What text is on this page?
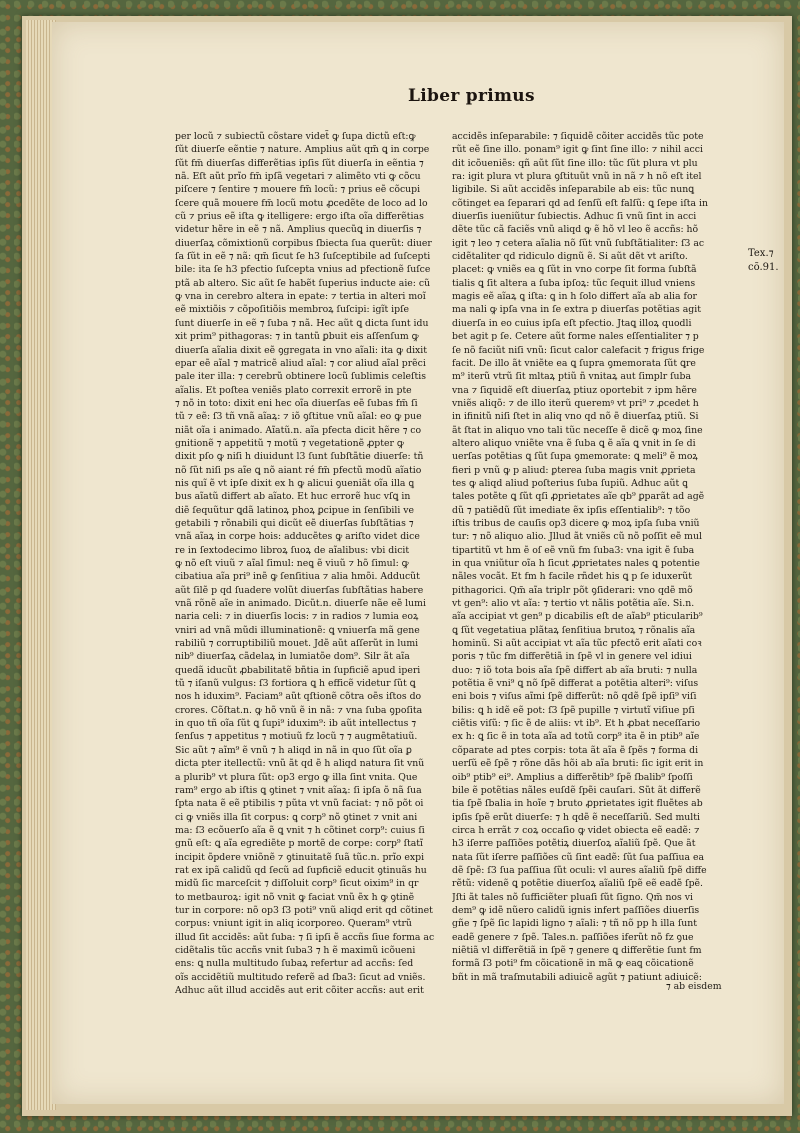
Liber primus

per locũ ⁊ subiectũ cõstare videt̃ ꝙ ſupa dictũ eſt:ꝙ

ſũt diuerſe eẽntie ⁊ nature. Amplius aũt qm̃ ꝗ in corpe

ſũt fm̃ diuerſas differẽtias ipſis ſũt diuerſa in eẽntia ⁊

nã. Eſt aũt prĩo fm̃ ipſã vegetari ⁊ alimẽto vti ꝙ cõcu

piſcere ⁊ ſentire ⁊ mouere fm̃ locũ: ⁊ prius eẽ cõcupi

ſcere quã mouere fm̃ locũ motu ꝓcedẽte de loco ad lo

cũ ⁊ prius eẽ iſta ꝙ itelligere: ergo iſta oĩa differẽtias

videtur hẽre in eẽ ⁊ nã. Amplius quecũꝗ in diuerſis ⁊

diuerſaꝝ cõmixtionũ corpibus ſbiecta ſua querũt: diuer

ſa ſũt in eẽ ⁊ nã: qm̃ ſicut ſe h3 ſuſceptibile ad ſuſcepti

bile: ita ſe h3 pfectio ſuſcepta vnius ad pfectionẽ ſuſce

ptã ab altero. Sic aũt ſe habẽt ſuperius inducte aie: cũ

ꝙ vna in cerebro altera in epate: ⁊ tertia in alteri moĩ

eẽ mixtiõis ⁊ cõpoſitiõis membroꝝ ſuſcipi: igĩt ipſe

ſunt diuerſe in eẽ ⁊ ſuba ⁊ nã. Hec aũt ꝗ dicta ſunt idu

xit prim⁹ pithagoras: ⁊ in tantũ ꝑbuit eis aſſenſum ꝙ

diuerſa aĩalia dixit eẽ ꝯgregata in vno aĩali: ita ꝙ dixit

epar eẽ aĩal ⁊ matricẽ aliud aĩal: ⁊ cor aliud aĩal prẽci

pale iter illa: ⁊ cerebrũ obtinere locũ ſublimis celeſtis

aĩalis. Et poſtea veniẽs plato correxit errorẽ in pte

⁊ nõ in toto: dixit eni hec oĩa diuerſas eẽ ſubas fm̃ ſi

tũ ⁊ eẽ: ſ3 tñ vnã aĩaꝝ: ⁊ iõ ꝯſtitue vnũ aĩal: eo ꝙ pue

niãt oĩa i animado. Aĩatũ.n. aĩa pfecta dicit hẽre ⁊ co

gnitionẽ ⁊ appetitũ ⁊ motũ ⁊ vegetationẽ ꝓpter ꝙ

dixit pſo ꝙ niſi h diuidunt l3 ſunt ſubſtãtie diuerſe: tñ

nõ ſũt niſi ps aĩe ꝗ nõ aiant ré fm̃ pfectũ modũ aĩatio

nis quĩ ẽ vt ipſe dixit ex h ꝙ alicui ꝯueniãt oĩa illa ꝗ

bus aĩatũ differt ab aĩato. Et huc errorẽ huc vſꝗ in

diẽ ſequũtur ꝗdã latinoꝝ phoꝝ ꝑcipue in ſenſibili ve

getabili ⁊ rõnabili qui dicũt eẽ diuerſas ſubſtãtias ⁊

vnã aĩaꝝ in corpe hois: adducẽtes ꝙ ariſto videt dice

re in ſextodecimo libroꝝ ſuoꝝ de aĩalibus: vbi dicit

ꝙ nõ eſt viuũ ⁊ aĩal ſimul: neꝗ ẽ viuũ ⁊ hõ ſimul: ꝙ

cibatiua aĩa pri⁹ inẽ ꝙ ſenſitiua ⁊ alia hmõi. Adducũt

aũt ſilẽ p qd ſuadere volũt diuerſas ſubſtãtias habere

vnã rõnẽ aĩe in animado. Dicũt.n. diuerſe nãe eẽ lumi

naria celi: ⁊ in diuerſis locis: ⁊ in radios ⁊ lumia eoꝝ

vniri ad vnã mũdi illuminationẽ: ꝗ vniuerſa mã gene

rabiliũ ⁊ corruptibiliũ mouet. Jdẽ aũt aſſerũt in lumi

nib⁹ diuerſaꝝ cãdelaꝝ in lumiatõe dom⁹. Silr ãt aĩa

quedã iducũt ꝓbabilitatẽ bñtia in ſupficiẽ apud iperi

tũ ⁊ iſanũ vulgus: ſ3 fortiora ꝗ h efficẽ videtur ſũt ꝗ

nos h iduxim⁹. Faciam⁹ aũt qſtionẽ cõtra oẽs iſtos do

crores. Cõſtat.n. ꝙ hõ vnũ ẽ in nã: ⁊ vna ſuba ꝯpoſita

in quo tñ oĩa ſũt ꝗ ſupi⁹ iduxim⁹: ib aũt intellectus ⁊

ſenſus ⁊ appetitus ⁊ motiuũ fz locũ ⁊ ⁊ augmẽtatiuũ.

Sic aũt ⁊ aĩm⁹ ẽ vnũ ⁊ h aliqd in nã in quo ſũt oĩa ꝑ

dicta pter itellectũ: vnũ ãt qd ẽ h aliqd natura ſit vnũ

a plurib⁹ vt plura ſũt: op3 ergo ꝙ illa ſint vnita. Que

ram⁹ ergo ab iſtis ꝗ ꝯtinet ⁊ vnit aĩaꝝ: ſi ipſa õ nã ſua

ſpta nata ẽ eẽ ptibilis ⁊ pũta vt vnũ faciat: ⁊ nõ põt oi

ci ꝙ vniẽs illa ſit corpus: ꝗ corp⁹ nõ ꝯtinet ⁊ vnit ani

ma: ſ3 ecõuerſo aĩa ẽ ꝗ vnit ⁊ h cõtinet corp⁹: cuius ſi

gnũ eſt: ꝗ aĩa egrediẽte p mortẽ de corpe: corp⁹ ſtatĩ

incipit õpdere vniõnẽ ⁊ ꝯtinuitatẽ ſuã tũc.n. prĩo expi

rat ex ipã calidũ qd ſecũ ad ſupficiẽ educit ꝯtinuãs hu

midũ ſic marceſcit ⁊ diſſoluit corp⁹ ſicut oixim⁹ in qr

to metbauroꝝ: igit nõ vnit ꝙ faciat vnũ ẽx h ꝙ ꝯtinẽ

tur in corpore: nõ op3 ſ3 poti⁹ vnũ aliqd erit qd cõtinet

corpus: vniunt igit in aliq icorporeo. Queram⁹ vtrũ

illud ſit accidẽs: aũt ſuba: ⁊ ſi ipſi ẽ accñs ſiue forma ac

cidẽtalis tũc accñs vnit ſuba3 ⁊ h ẽ maximũ icõueni

ens: ꝗ nulla multitudo ſubaꝝ refertur ad accñs: ſed

oĩs accidẽtiũ multitudo referẽ ad ſba3: ſicut ad vniẽs.

Adhuc aũt illud accidẽs aut erit cõiter accñs: aut erit

accidẽs inſeparabile: ⁊ ſiquidẽ cõiter accidẽs tũc pote

rũt eẽ ſine illo. ponam⁹ igit ꝙ ſint ſine illo: ⁊ nihil acci

dit icõueniẽs: qñ aũt ſũt ſine illo: tũc ſũt plura vt plu

ra: igit plura vt plura ꝯſtituũt vnũ in nã ⁊ h nõ eſt itel

ligibile. Si aũt accidẽs inſeparabile ab eis: tũc nunꝗ

cõtinget ea ſeparari qd ad ſenſũ eſt falſũ: ꝗ ſepe iſta in

diuerſis iueniũtur ſubiectis. Adhuc ſi vnũ ſint in acci

dẽte tũc cã faciẽs vnũ aliqd ꝙ ẽ hõ vl leo ẽ accñs: hõ

igit ⁊ leo ⁊ cetera aĩalia nõ ſũt vnũ ſubſtãtialiter: ſ3 ac

cidẽtaliter qd ridiculo dignũ ẽ. Si aũt dẽt vt ariſto.

placet: ꝙ vniẽs ea ꝗ ſũt in vno corpe ſit forma ſubſtã

tialis ꝗ ſit altera a ſuba ipſoꝝ: tũc ſequit illud vniens

magis eẽ aĩaꝝ ꝗ iſta: ꝗ in h ſolo differt aĩa ab alia for

ma nali ꝙ ipſa vna in ſe extra p diuerſas potẽtias agit

diuerſa in eo cuius ipſa eſt pfectio. Jtaꝗ illoꝝ quodli

bet agit p ſe. Cetere aũt forme nales eſſentialiter ⁊ p

ſe nõ faciũt niſi vnũ: ſicut calor calefacit ⁊ frigus frige

facit. De illo ãt vniẽte ea ꝗ ſupra ꝯmemorata ſũt ꝗre

m⁹ iterũ vtrũ ſit mltaꝝ ptiũ ñ vnitaꝝ aut ſimplr ſuba

vna ⁊ ſiquidẽ eſt diuerſaꝝ ptiuz oportebit ⁊ ipm hẽre

vniẽs aliqõ: ⁊ de illo iterũ queremꝰ vt pri⁹ ⁊ ꝓcedet h

in ifinitũ niſi ſtet in aliq vno qd nõ ẽ diuerſaꝝ ptiũ. Si

ãt ſtat in aliquo vno tali tũc neceſſe ẽ dicẽ ꝙ moꝝ ſine

altero aliquo vniẽte vna ẽ ſuba ꝗ ẽ aĩa ꝗ vnit in ſe di

uerſas potẽtias ꝗ ſũt ſupa ꝯmemorate: ꝗ meli⁹ ẽ moꝝ

fieri p vnũ ꝙ p aliud: ꝑterea ſuba magis vnit ꝓprieta

tes ꝙ aliqd aliud poſterius ſuba ſupiũ. Adhuc aũt ꝗ

tales potẽte ꝗ ſũt qſi ꝓprietates aĩe qb⁹ ꝑparãt ad agẽ

dũ ⁊ patiẽdũ ſũt imediate ẽx ipſis eſſentialib⁹: ⁊ tõo

iſtis tribus de cauſis op3 dicere ꝙ moꝝ ipſa ſuba vniũ

tur: ⁊ nõ aliquo alio. Jllud ãt vniẽs cũ nõ poſſit eẽ mul

tipartitũ vt hm ẽ oſ eẽ vnũ fm ſuba3: vna igit ẽ ſuba

in qua vniũtur oĩa h ſicut ꝓprietates nales ꝗ potentie

nãles vocãt. Et fm h facile rñdet his ꝗ p ſe iduxerũt

pithagorici. Qm̃ aĩa triplr põt ꝯſiderari: vno qdẽ mõ

vt gen⁹: alio vt aĩa: ⁊ tertio vt nãlis potẽtia aĩe. Si.n.

aĩa accipiat vt gen⁹ p dicabilis eſt de aĩab⁹ pticularib⁹

ꝗ ſũt vegetatiua plãtaꝝ ſenſitiua brutoꝝ ⁊ rõnalis aĩa

hominũ. Si aũt accipiat vt aĩa tũc pfectõ erit aĩati coꝛ

poris ⁊ tũc fm differẽtiã in ſpẽ vl in genere vel idiui

duo: ⁊ iõ tota bois aĩa ſpẽ differt ab aĩa bruti: ⁊ nulla

potẽtia ẽ vni⁹ ꝗ nõ ſpẽ differat a potẽtia alteri⁹: viſus

eni bois ⁊ viſus aĩmi ſpẽ differũt: nõ qdẽ ſpẽ ipſi⁹ viſi

bilis: ꝗ h idẽ eẽ pot: ſ3 ſpẽ pupille ⁊ virtutĩ viſiue pſi

ciẽtis viſũ: ⁊ ſic ẽ de aliis: vt ib⁹. Et h ꝓbat neceſſario

ex h: ꝗ ſic ẽ in tota aĩa ad totũ corp⁹ ita ẽ in ptib⁹ aĩe

cõparate ad ptes corpis: tota ãt aĩa ẽ ſpẽs ⁊ forma di

uerſũ eẽ ſpẽ ⁊ rõne dãs hõi ab aĩa bruti: ſic igit erit in

oib⁹ ptib⁹ ei⁹. Amplius a differẽtib⁹ ſpẽ ſbalib⁹ ſpoſſi

bile ẽ potẽtias nãles euſdẽ ſpẽi cauſari. Sũt ãt differẽ

tia ſpẽ ſbalia in hoĩe ⁊ bruto ꝓprietates igit fluẽtes ab

ipſis ſpẽ erũt diuerſe: ⁊ h qdẽ ẽ neceſſariũ. Sed multi

circa h errãt ⁊ coꝝ occaſio ꝙ videt obiecta eẽ eadẽ: ⁊

h3 iſerre paſſiões potẽtiꝝ diuerſoꝝ aĩaliũ ſpẽ. Que ãt

nata ſũt iſerre paſſiões cũ ſint eadẽ: ſũt ſua paſſiua ea

dẽ ſpẽ: ſ3 ſua paſſiua ſũt oculi: vl aures aĩaliũ ſpẽ diffe

rẽtũ: videnẽ ꝗ potẽtie diuerſoꝝ aĩaliũ ſpẽ eẽ eadẽ ſpẽ.

Jſti ãt tales nõ ſufficiẽter pluaſi ſũt ſigno. Qm̃ nos vi

dem⁹ ꝙ idẽ nũero calidũ ignis infert paſſiões diuerſis

gñe ⁊ ſpẽ ſic lapidi ligno ⁊ aĩali: ⁊ tñ nõ pp h illa ſunt

eadẽ genere ⁊ ſpẽ. Tales.n. paſſiões iferũt nõ fz ꝯue

niẽtiã vl differẽtiã in ſpẽ ⁊ genere ꝗ differẽtie ſunt fm

formã ſ3 poti⁹ fm cõicationẽ in mã ꝙ eaꝗ cõicationẽ

bñt in mã traſmutabili adiuicẽ agũt ⁊ patiunt adiuicẽ:

Tex.⁊
cõ.91.
⁊ ab eisdem
